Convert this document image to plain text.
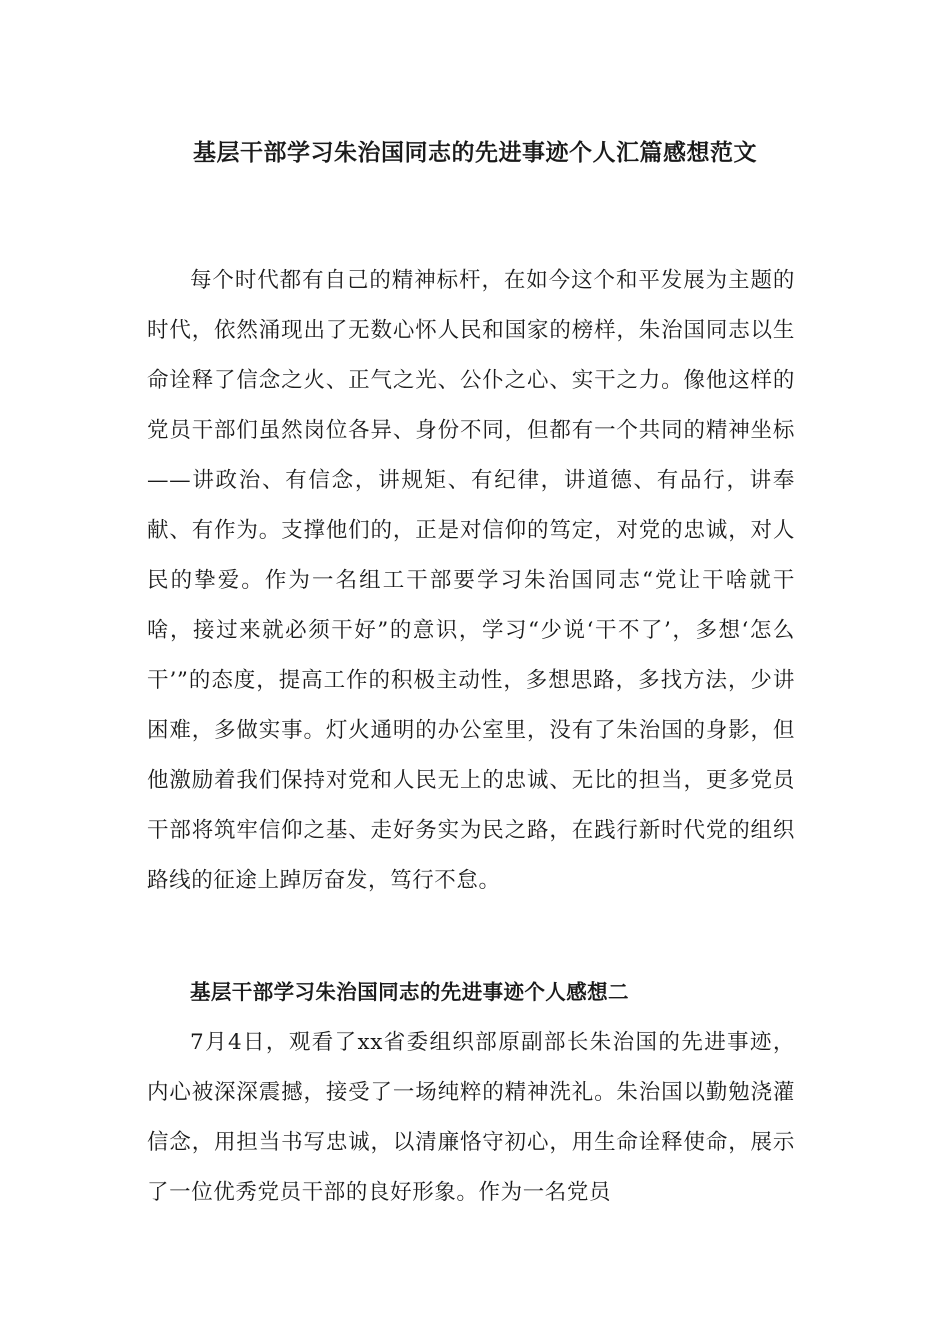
基层干部学习朱治国同志的先进事迹个人汇篇感想范文

每个时代都有自己的精神标杆，在如今这个和平发展为主题的时代，依然涌现出了无数心怀人民和国家的榜样，朱治国同志以生命诠释了信念之火、正气之光、公仆之心、实干之力。像他这样的党员干部们虽然岗位各异、身份不同，但都有一个共同的精神坐标——讲政治、有信念，讲规矩、有纪律，讲道德、有品行，讲奉献、有作为。支撑他们的，正是对信仰的笃定，对党的忠诚，对人民的挚爱。作为一名组工干部要学习朱治国同志“党让干啥就干啥，接过来就必须干好”的意识，学习“少说‘干不了’，多想‘怎么干’”的态度，提高工作的积极主动性，多想思路，多找方法，少讲困难，多做实事。灯火通明的办公室里，没有了朱治国的身影，但他激励着我们保持对党和人民无上的忠诚、无比的担当，更多党员干部将筑牢信仰之基、走好务实为民之路，在践行新时代党的组织路线的征途上踔厉奋发，笃行不怠。

基层干部学习朱治国同志的先进事迹个人感想二

7月4日，观看了xx省委组织部原副部长朱治国的先进事迹，内心被深深震撼，接受了一场纯粹的精神洗礼。朱治国以勤勉浇灌信念，用担当书写忠诚，以清廉恪守初心，用生命诠释使命，展示了一位优秀党员干部的良好形象。作为一名党员
